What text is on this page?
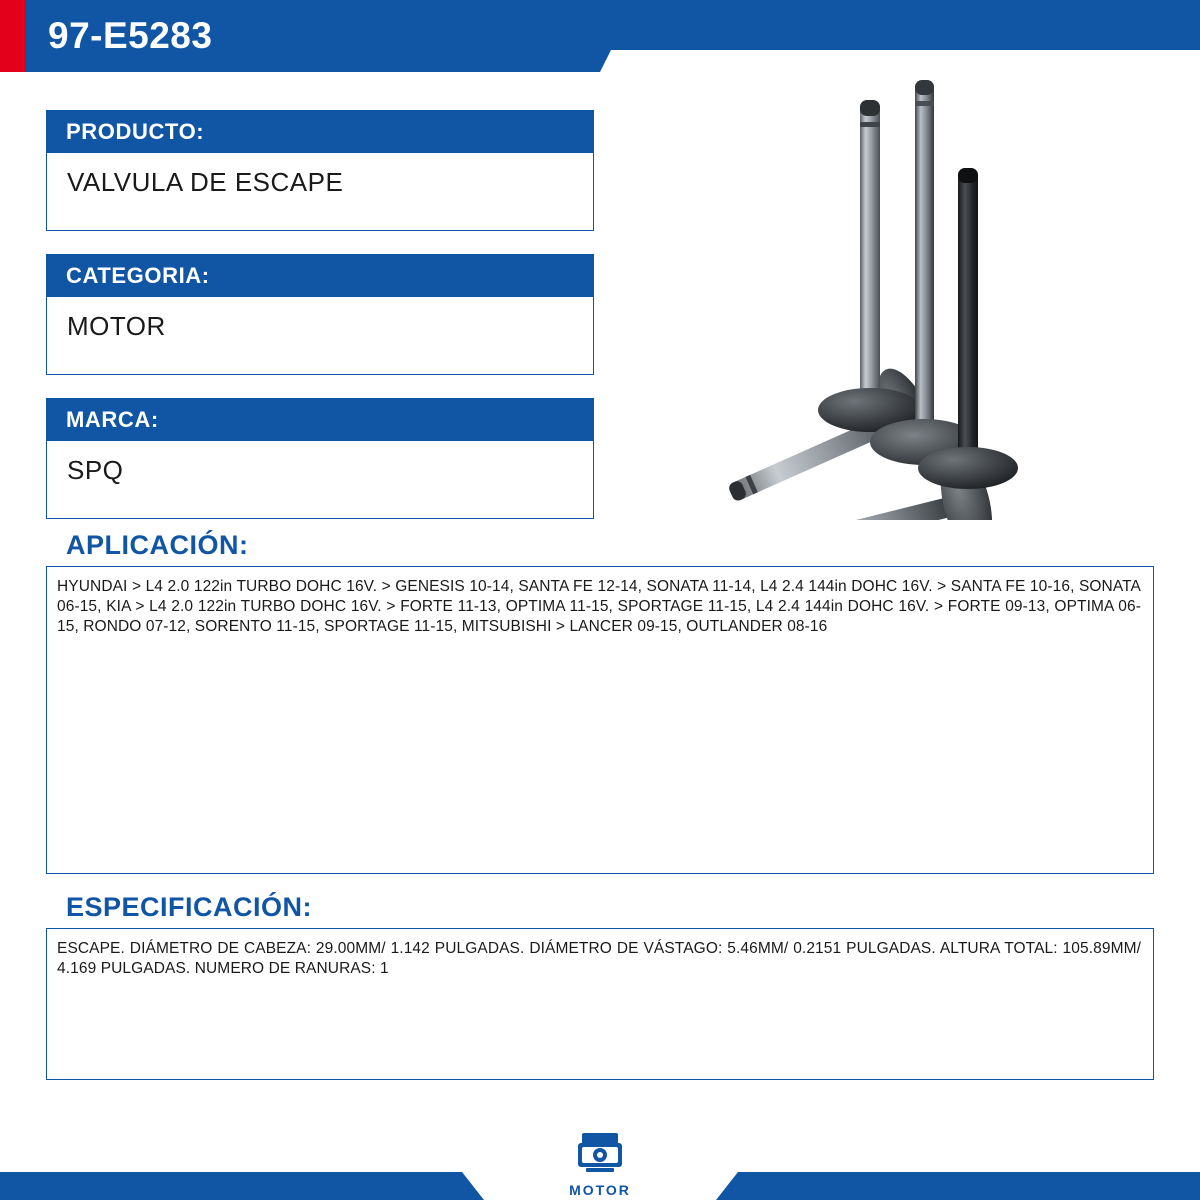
97-E5283
PRODUCTO:
VALVULA DE ESCAPE
CATEGORIA:
MOTOR
MARCA:
SPQ
APLICACIÓN:
HYUNDAI > L4 2.0 122in TURBO DOHC 16V. > GENESIS 10-14, SANTA FE 12-14, SONATA 11-14, L4 2.4 144in DOHC 16V. > SANTA FE 10-16, SONATA 06-15, KIA > L4 2.0 122in TURBO DOHC 16V. > FORTE 11-13, OPTIMA 11-15, SPORTAGE 11-15, L4 2.4 144in DOHC 16V. > FORTE 09-13, OPTIMA 06-15, RONDO 07-12, SORENTO 11-15, SPORTAGE 11-15, MITSUBISHI > LANCER 09-15, OUTLANDER 08-16
ESPECIFICACIÓN:
ESCAPE. DIÁMETRO DE CABEZA: 29.00MM/ 1.142 PULGADAS. DIÁMETRO DE VÁSTAGO: 5.46MM/ 0.2151 PULGADAS. ALTURA TOTAL: 105.89MM/ 4.169 PULGADAS. NUMERO DE RANURAS: 1
MOTOR
